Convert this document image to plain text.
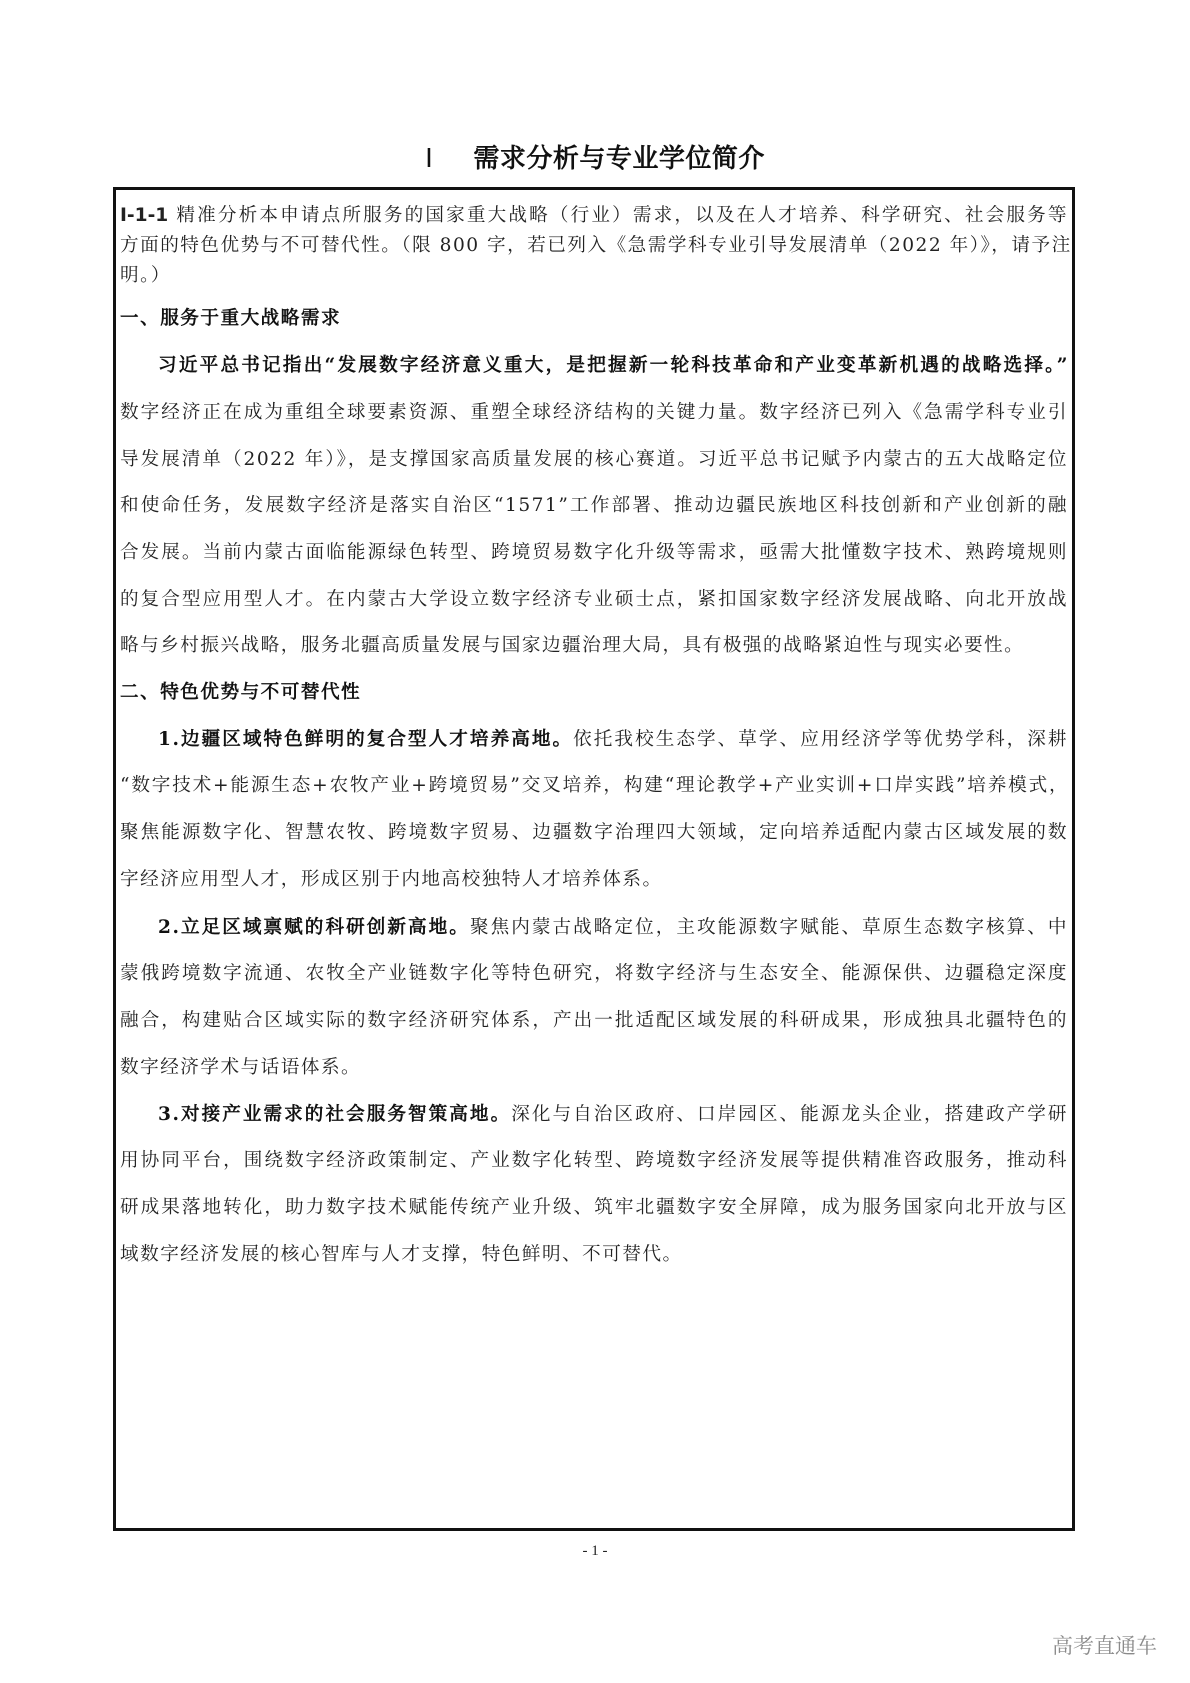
Ⅰ 需求分析与专业学位简介
I-1-1 精准分析本申请点所服务的国家重大战略（行业）需求，以及在人才培养、科学研究、社会服务等
方面的特色优势与不可替代性。（限 800 字，若已列入《急需学科专业引导发展清单（2022 年）》，请予注
明。）
一、服务于重大战略需求
习近平总书记指出“发展数字经济意义重大，是把握新一轮科技革命和产业变革新机遇的战略选择。”
数字经济正在成为重组全球要素资源、重塑全球经济结构的关键力量。数字经济已列入《急需学科专业引
导发展清单（2022 年）》，是支撑国家高质量发展的核心赛道。习近平总书记赋予内蒙古的五大战略定位
和使命任务，发展数字经济是落实自治区“1571”工作部署、推动边疆民族地区科技创新和产业创新的融
合发展。当前内蒙古面临能源绿色转型、跨境贸易数字化升级等需求，亟需大批懂数字技术、熟跨境规则
的复合型应用型人才。在内蒙古大学设立数字经济专业硕士点，紧扣国家数字经济发展战略、向北开放战
略与乡村振兴战略，服务北疆高质量发展与国家边疆治理大局，具有极强的战略紧迫性与现实必要性。
二、特色优势与不可替代性
1.边疆区域特色鲜明的复合型人才培养高地。依托我校生态学、草学、应用经济学等优势学科，深耕
“数字技术+能源生态+农牧产业+跨境贸易”交叉培养，构建“理论教学+产业实训+口岸实践”培养模式，
聚焦能源数字化、智慧农牧、跨境数字贸易、边疆数字治理四大领域，定向培养适配内蒙古区域发展的数
字经济应用型人才，形成区别于内地高校独特人才培养体系。
2.立足区域禀赋的科研创新高地。聚焦内蒙古战略定位，主攻能源数字赋能、草原生态数字核算、中
蒙俄跨境数字流通、农牧全产业链数字化等特色研究，将数字经济与生态安全、能源保供、边疆稳定深度
融合，构建贴合区域实际的数字经济研究体系，产出一批适配区域发展的科研成果，形成独具北疆特色的
数字经济学术与话语体系。
3.对接产业需求的社会服务智策高地。深化与自治区政府、口岸园区、能源龙头企业，搭建政产学研
用协同平台，围绕数字经济政策制定、产业数字化转型、跨境数字经济发展等提供精准咨政服务，推动科
研成果落地转化，助力数字技术赋能传统产业升级、筑牢北疆数字安全屏障，成为服务国家向北开放与区
域数字经济发展的核心智库与人才支撑，特色鲜明、不可替代。
- 1 -
高考直通车
